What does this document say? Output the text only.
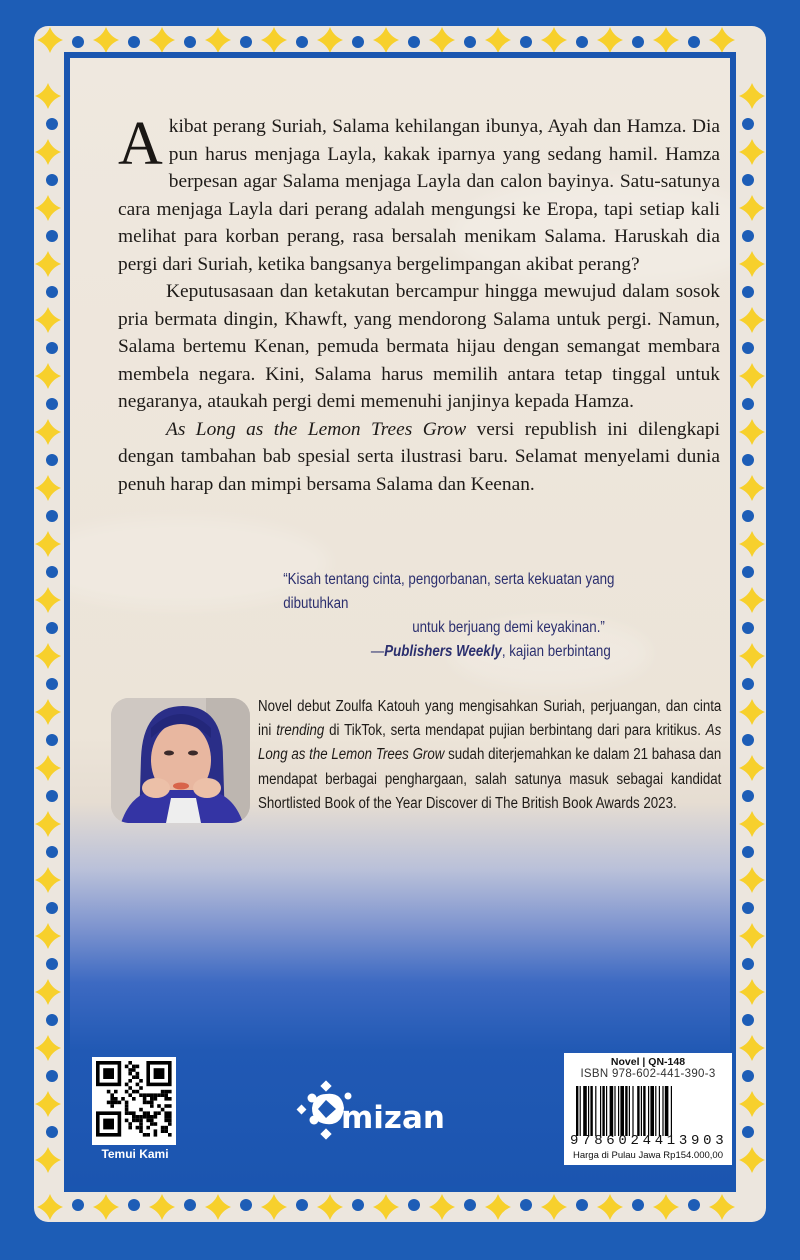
Akibat perang Suriah, Salama kehilangan ibunya, Ayah dan Hamza. Dia pun harus menjaga Layla, kakak iparnya yang sedang hamil. Hamza berpesan agar Salama menjaga Layla dan calon bayinya. Satu-satunya cara menjaga Layla dari perang adalah mengungsi ke Eropa, tapi setiap kali melihat para korban perang, rasa bersalah menikam Salama. Haruskah dia pergi dari Suriah, ketika bangsanya bergelimpangan akibat perang?

Keputusasaan dan ketakutan bercampur hingga mewujud dalam sosok pria bermata dingin, Khawft, yang mendorong Salama untuk pergi. Namun, Salama bertemu Kenan, pemuda bermata hijau dengan semangat membara membela negara. Kini, Salama harus memilih antara tetap tinggal untuk negaranya, ataukah pergi demi memenuhi janjinya kepada Hamza.

As Long as the Lemon Trees Grow versi republish ini dilengkapi dengan tambahan bab spesial serta ilustrasi baru. Selamat menyelami dunia penuh harap dan mimpi bersama Salama dan Keenan.

“Kisah tentang cinta, pengorbanan, serta kekuatan yang dibutuhkan
untuk berjuang demi keyakinan.”
—Publishers Weekly, kajian berbintang
Novel debut Zoulfa Katouh yang mengisahkan Suriah, perjuangan, dan cinta ini trending di TikTok, serta mendapat pujian berbintang dari para kritikus. As Long as the Lemon Trees Grow sudah diterjemahkan ke dalam 21 bahasa dan mendapat berbagai penghargaan, salah satunya masuk sebagai kandidat Shortlisted Book of the Year Discover di The British Book Awards 2023.
Temui Kami
mizan
Novel | QN-148
ISBN 978-602-441-390-3
9786024413903
Harga di Pulau Jawa Rp154.000,00
